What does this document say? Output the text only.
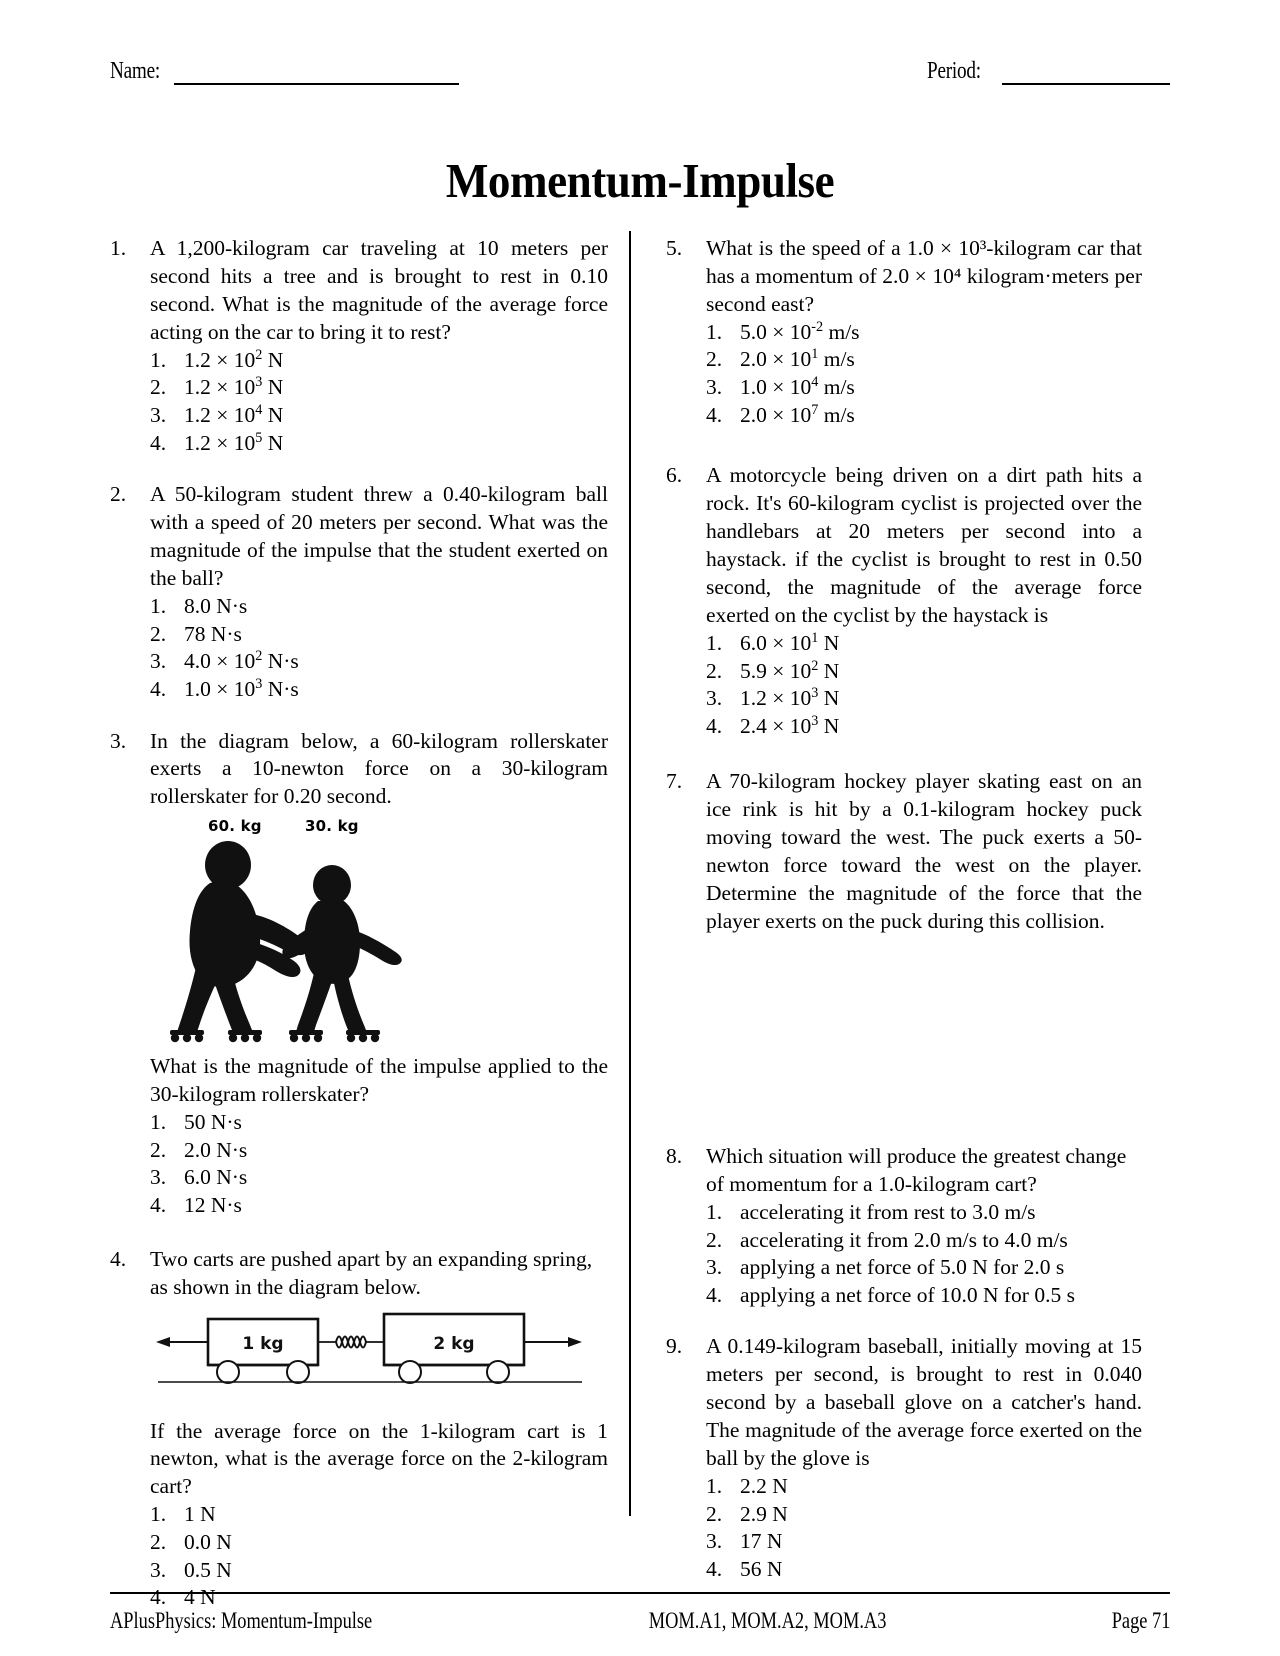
Name:	Period:
Momentum-Impulse
1.	A 1,200-kilogram car traveling at 10 meters per second hits a tree and is brought to rest in 0.10 second. What is the magnitude of the average force acting on the car to bring it to rest?
1. $1.2 \times 10^2$ N
2. $1.2 \times 10^3$ N
3. $1.2 \times 10^4$ N
4. $1.2 \times 10^5$ N
2.	A 50-kilogram student threw a 0.40-kilogram ball with a speed of 20 meters per second. What was the magnitude of the impulse that the student exerted on the ball?
1. 8.0 N·s
2. 78 N·s
3. $4.0 \times 10^2$ N·s
4. $1.0 \times 10^3$ N·s
3.	In the diagram below, a 60-kilogram rollerskater exerts a 10-newton force on a 30-kilogram rollerskater for 0.20 second.
60. kg	30. kg
What is the magnitude of the impulse applied to the 30-kilogram rollerskater?
1. 50 N·s
2. 2.0 N·s
3. 6.0 N·s
4. 12 N·s
4.	Two carts are pushed apart by an expanding spring, as shown in the diagram below.
1 kg	2 kg
If the average force on the 1-kilogram cart is 1 newton, what is the average force on the 2-kilogram cart?
1. 1 N
2. 0.0 N
3. 0.5 N
4. 4 N
5.	What is the speed of a 1.0 × 10³-kilogram car that has a momentum of 2.0 × 10⁴ kilogram·meters per second east?
1. $5.0 \times 10^{-2}$ m/s
2. $2.0 \times 10^1$ m/s
3. $1.0 \times 10^4$ m/s
4. $2.0 \times 10^7$ m/s
6.	A motorcycle being driven on a dirt path hits a rock. It's 60-kilogram cyclist is projected over the handlebars at 20 meters per second into a haystack. if the cyclist is brought to rest in 0.50 second, the magnitude of the average force exerted on the cyclist by the haystack is
1. $6.0 \times 10^1$ N
2. $5.9 \times 10^2$ N
3. $1.2 \times 10^3$ N
4. $2.4 \times 10^3$ N
7.	A 70-kilogram hockey player skating east on an ice rink is hit by a 0.1-kilogram hockey puck moving toward the west. The puck exerts a 50-newton force toward the west on the player. Determine the magnitude of the force that the player exerts on the puck during this collision.
8.	Which situation will produce the greatest change of momentum for a 1.0-kilogram cart?
1. accelerating it from rest to 3.0 m/s
2. accelerating it from 2.0 m/s to 4.0 m/s
3. applying a net force of 5.0 N for 2.0 s
4. applying a net force of 10.0 N for 0.5 s
9.	A 0.149-kilogram baseball, initially moving at 15 meters per second, is brought to rest in 0.040 second by a baseball glove on a catcher's hand. The magnitude of the average force exerted on the ball by the glove is
1. 2.2 N
2. 2.9 N
3. 17 N
4. 56 N
APlusPhysics: Momentum-Impulse	MOM.A1, MOM.A2, MOM.A3	Page 71
